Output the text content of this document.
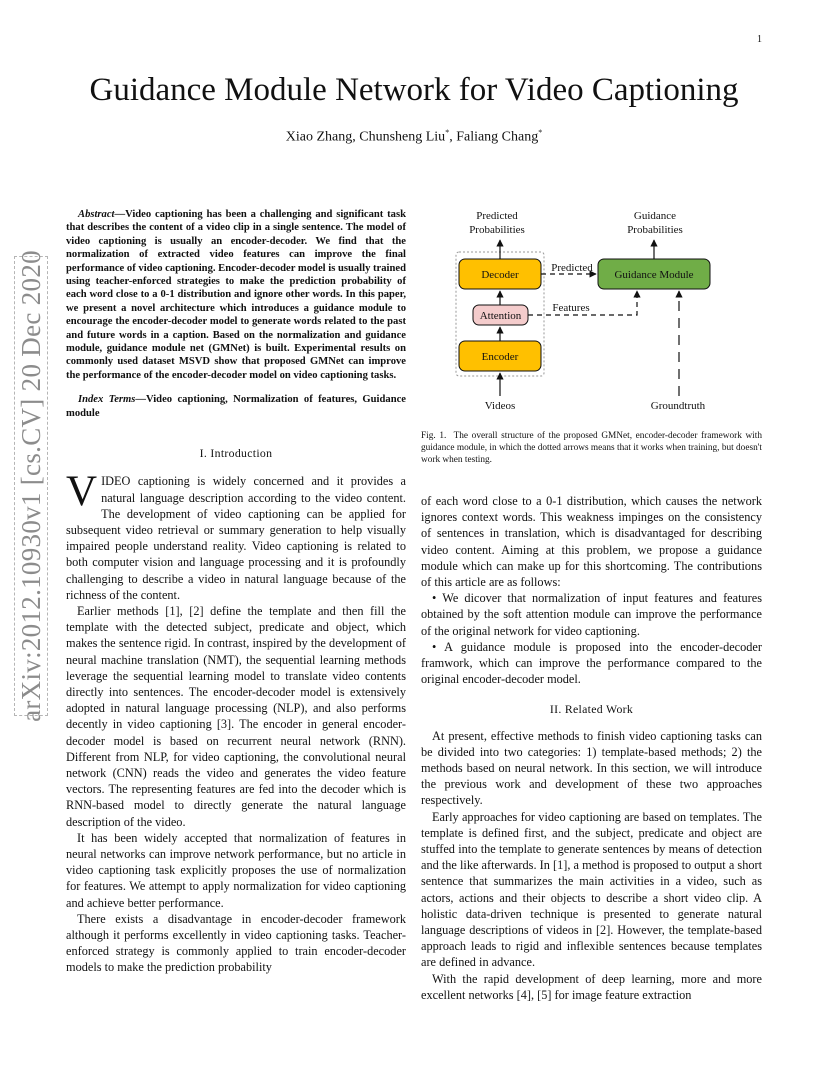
1
arXiv:2012.10930v1 [cs.CV] 20 Dec 2020
Guidance Module Network for Video Captioning
Xiao Zhang, Chunsheng Liu*, Faliang Chang*

Abstract—Video captioning has been a challenging and significant task that describes the content of a video clip in a single sentence. The model of video captioning is usually an encoder-decoder. We find that the normalization of extracted video features can improve the final performance of video captioning. Encoder-decoder model is usually trained using teacher-enforced strategies to make the prediction probability of each word close to a 0-1 distribution and ignore other words. In this paper, we present a novel architecture which introduces a guidance module to encourage the encoder-decoder model to generate words related to the past and future words in a caption. Based on the normalization and guidance module, guidance module net (GMNet) is built. Experimental results on commonly used dataset MSVD show that proposed GMNet can improve the performance of the encoder-decoder model on video captioning tasks.

Index Terms—Video captioning, Normalization of features, Guidance module

I. Introduction

VIDEO captioning is widely concerned and it provides a natural language description according to the video content. The development of video captioning can be applied for subsequent video retrieval or summary generation to help visually impaired people understand reality. Video captioning is related to both computer vision and language processing and it is profoundly challenging to describe a video in natural language because of the richness of the content.

Earlier methods [1], [2] define the template and then fill the template with the detected subject, predicate and object, which makes the sentence rigid. In contrast, inspired by the development of neural machine translation (NMT), the sequential learning methods leverage the sequential learning model to translate video contents directly into sentences. The encoder-decoder model is extensively adopted in natural language processing (NLP), and also performs decently in video captioning [3]. The encoder in general encoder-decoder model is based on recurrent neural network (RNN). Different from NLP, for video captioning, the convolutional neural network (CNN) reads the video and generates the video feature vectors. The representing features are fed into the decoder which is RNN-based model to directly generate the natural language description of the video.

It has been widely accepted that normalization of features in neural networks can improve network performance, but no article in video captioning task explicitly proposes the use of normalization for features. We attempt to apply normalization for video captioning and achieve better performance.

There exists a disadvantage in encoder-decoder framework although it performs excellently in video captioning tasks. Teacher-enforced strategy is commonly applied to train encoder-decoder models to make the prediction probability

Predicted
Probabilities
Guidance
Probabilities
Decoder
Attention
Encoder
Guidance Module
Predicted
Features
Videos	Groundtruth
Fig. 1. The overall structure of the proposed GMNet, encoder-decoder framework with guidance module, in which the dotted arrows means that it works when training, but doesn't work when testing.

of each word close to a 0-1 distribution, which causes the network ignores context words. This weakness impinges on the consistency of sentences in translation, which is disadvantaged for describing video content. Aiming at this problem, we propose a guidance module which can make up for this shortcoming. The contributions of this article are as follows:

• We dicover that normalization of input features and features obtained by the soft attention module can improve the performance of the original network for video captioning.

• A guidance module is proposed into the encoder-decoder framwork, which can improve the performance compared to the original encoder-decoder model.

II. Related Work

At present, effective methods to finish video captioning tasks can be divided into two categories: 1) template-based methods; 2) the methods based on neural network. In this section, we will introduce the previous work and development of these two approaches respectively.

Early approaches for video captioning are based on templates. The template is defined first, and the subject, predicate and object are stuffed into the template to generate sentences by means of detection and the like afterwards. In [1], a method is proposed to output a short sentence that summarizes the main activities in a video, such as actors, actions and their objects to describe a short video clip. A holistic data-driven technique is presented to generate natural language descriptions of videos in [2]. However, the template-based approach leads to rigid and inflexible sentences because templates are defined in advance.

With the rapid development of deep learning, more and more excellent networks [4], [5] for image feature extraction
